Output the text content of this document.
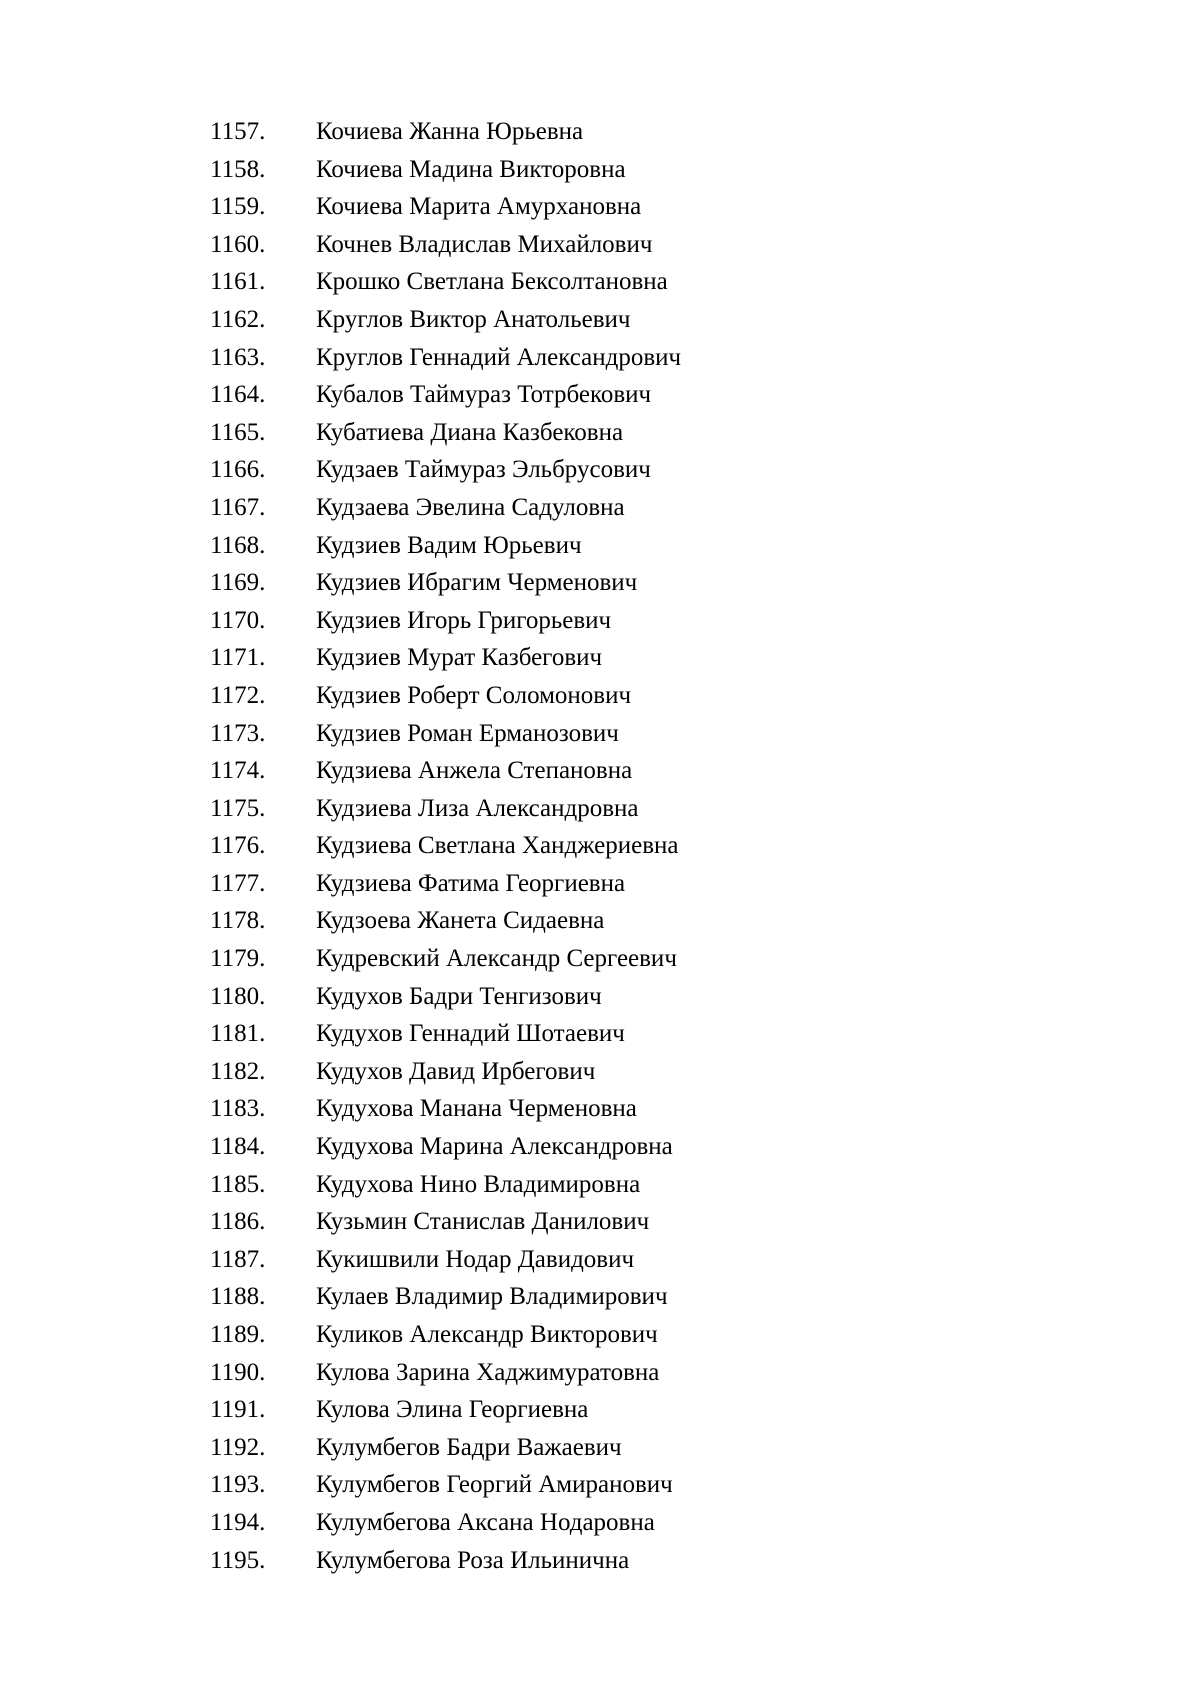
1157. Кочиева Жанна Юрьевна
1158. Кочиева Мадина Викторовна
1159. Кочиева Марита Амурхановна
1160. Кочнев Владислав Михайлович
1161. Крошко Светлана Бексолтановна
1162. Круглов Виктор Анатольевич
1163. Круглов Геннадий Александрович
1164. Кубалов Таймураз Тотрбекович
1165. Кубатиева Диана Казбековна
1166. Кудзаев Таймураз Эльбрусович
1167. Кудзаева Эвелина Садуловна
1168. Кудзиев Вадим Юрьевич
1169. Кудзиев Ибрагим Черменович
1170. Кудзиев Игорь Григорьевич
1171. Кудзиев Мурат Казбегович
1172. Кудзиев Роберт Соломонович
1173. Кудзиев Роман Ерманозович
1174. Кудзиева Анжела Степановна
1175. Кудзиева Лиза Александровна
1176. Кудзиева Светлана Ханджериевна
1177. Кудзиева Фатима Георгиевна
1178. Кудзоева Жанета Сидаевна
1179. Кудревский Александр Сергеевич
1180. Кудухов Бадри Тенгизович
1181. Кудухов Геннадий Шотаевич
1182. Кудухов Давид Ирбегович
1183. Кудухова Манана Черменовна
1184. Кудухова Марина Александровна
1185. Кудухова Нино Владимировна
1186. Кузьмин Станислав Данилович
1187. Кукишвили Нодар Давидович
1188. Кулаев Владимир Владимирович
1189. Куликов Александр Викторович
1190. Кулова Зарина Хаджимуратовна
1191. Кулова Элина Георгиевна
1192. Кулумбегов Бадри Важаевич
1193. Кулумбегов Георгий Амиранович
1194. Кулумбегова Аксана Нодаровна
1195. Кулумбегова Роза Ильинична
